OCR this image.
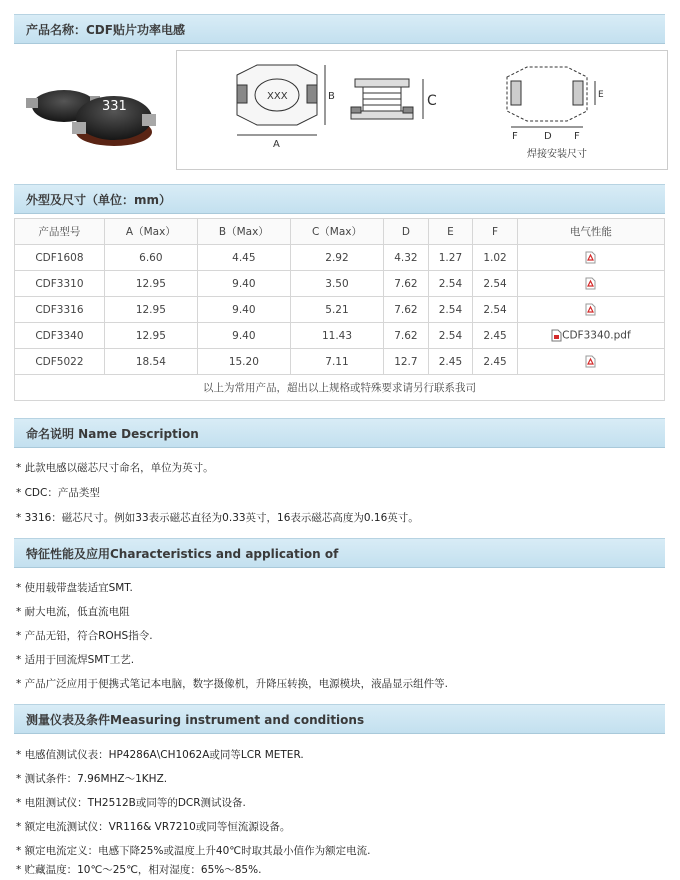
产品名称：CDF贴片功率电感
331
XXX
A
B	C	E
F	D F
焊接安装尺寸
外型及尺寸（单位：mm）
产品型号	A（Max）	B（Max）	C（Max）	D	E	F	电气性能
CDF1608	6.60	4.45	2.92	4.32	1.27	1.02	
CDF3310	12.95	9.40	3.50	7.62	2.54	2.54	
CDF3316	12.95	9.40	5.21	7.62	2.54	2.54	
CDF3340	12.95	9.40	11.43	7.62	2.54	2.45	CDF3340.pdf
CDF5022	18.54	15.20	7.11	12.7	2.45	2.45	
以上为常用产品，超出以上规格或特殊要求请另行联系我司							
命名说明 Name Description
* 此款电感以磁芯尺寸命名，单位为英寸。
* CDC：产品类型
* 3316：磁芯尺寸。例如33表示磁芯直径为0.33英寸，16表示磁芯高度为0.16英寸。
特征性能及应用Characteristics and application of
* 使用载带盘装适宜SMT.
* 耐大电流，低直流电阻
* 产品无铅，符合ROHS指令.
* 适用于回流焊SMT工艺.
* 产品广泛应用于便携式笔记本电脑，数字摄像机，升降压转换，电源模块，液晶显示组件等.
测量仪表及条件Measuring instrument and conditions
* 电感值测试仪表：HP4286A\CH1062A或同等LCR METER.
* 测试条件：7.96MHZ～1KHZ.
* 电阻测试仪：TH2512B或同等的DCR测试设备.
* 额定电流测试仪：VR116& VR7210或同等恒流源设备。
* 额定电流定义：电感下降25%或温度上升40℃时取其最小值作为额定电流.
* 贮藏温度：10℃～25℃，相对湿度：65%～85%.
